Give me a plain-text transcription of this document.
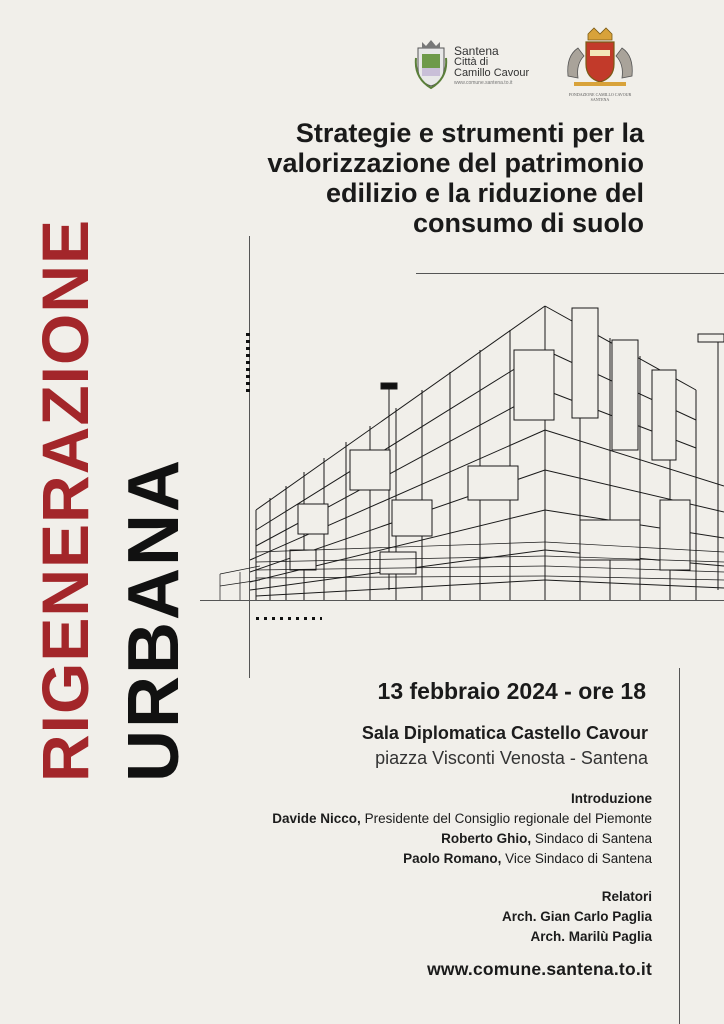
Santena
Città di
Camillo Cavour
www.comune.santena.to.it
FONDAZIONE CAMILLO CAVOUR
SANTENA
Strategie e strumenti per la
valorizzazione del patrimonio
edilizio e la riduzione del
consumo di suolo
RIGENERAZIONE URBANA	13 febbraio 2024 - ore 18
Sala Diplomatica Castello Cavour
piazza Visconti Venosta - Santena
Introduzione
Davide Nicco, Presidente del Consiglio regionale del Piemonte
Roberto Ghio, Sindaco di Santena
Paolo Romano, Vice Sindaco di Santena
Relatori
Arch. Gian Carlo Paglia
Arch. Marilù Paglia
www.comune.santena.to.it
